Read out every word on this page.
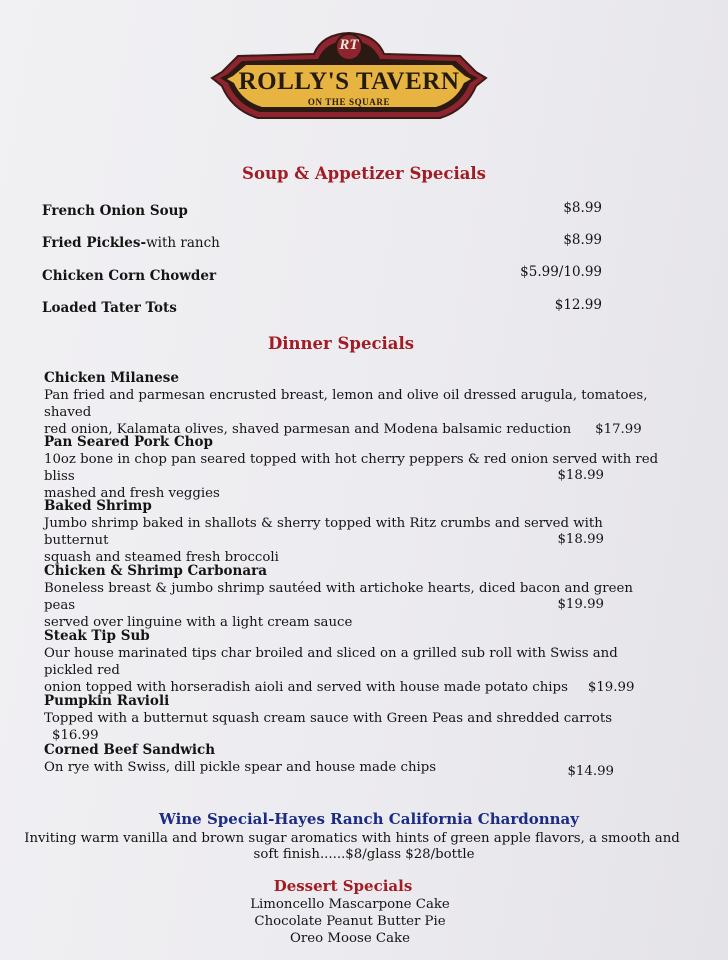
RT
ROLLY'S TAVERN
ON THE SQUARE
Soup & Appetizer Specials
French Onion Soup	$8.99
Fried Pickles-with ranch	$8.99
Chicken Corn Chowder	$5.99/10.99
Loaded Tater Tots	$12.99
Dinner Specials
Chicken Milanese
Pan fried and parmesan encrusted breast, lemon and olive oil dressed arugula, tomatoes, shaved
red onion, Kalamata olives, shaved parmesan and Modena balsamic reduction $17.99
Pan Seared Pork Chop
10oz bone in chop pan seared topped with hot cherry peppers & red onion served with red bliss
mashed and fresh veggies
$18.99
Baked Shrimp
Jumbo shrimp baked in shallots & sherry topped with Ritz crumbs and served with butternut
squash and steamed fresh broccoli
$18.99
Chicken & Shrimp Carbonara
Boneless breast & jumbo shrimp sautéed with artichoke hearts, diced bacon and green peas
served over linguine with a light cream sauce
$19.99
Steak Tip Sub
Our house marinated tips char broiled and sliced on a grilled sub roll with Swiss and pickled red
onion topped with horseradish aioli and served with house made potato chips $19.99
Pumpkin Ravioli
Topped with a butternut squash cream sauce with Green Peas and shredded carrots$16.99
Corned Beef Sandwich
On rye with Swiss, dill pickle spear and house made chips	$14.99
Wine Special-Hayes Ranch California Chardonnay
Inviting warm vanilla and brown sugar aromatics with hints of green apple flavors, a smooth and
soft finish......$8/glass $28/bottle
Dessert Specials
Limoncello Mascarpone Cake
Chocolate Peanut Butter Pie
Oreo Moose Cake
